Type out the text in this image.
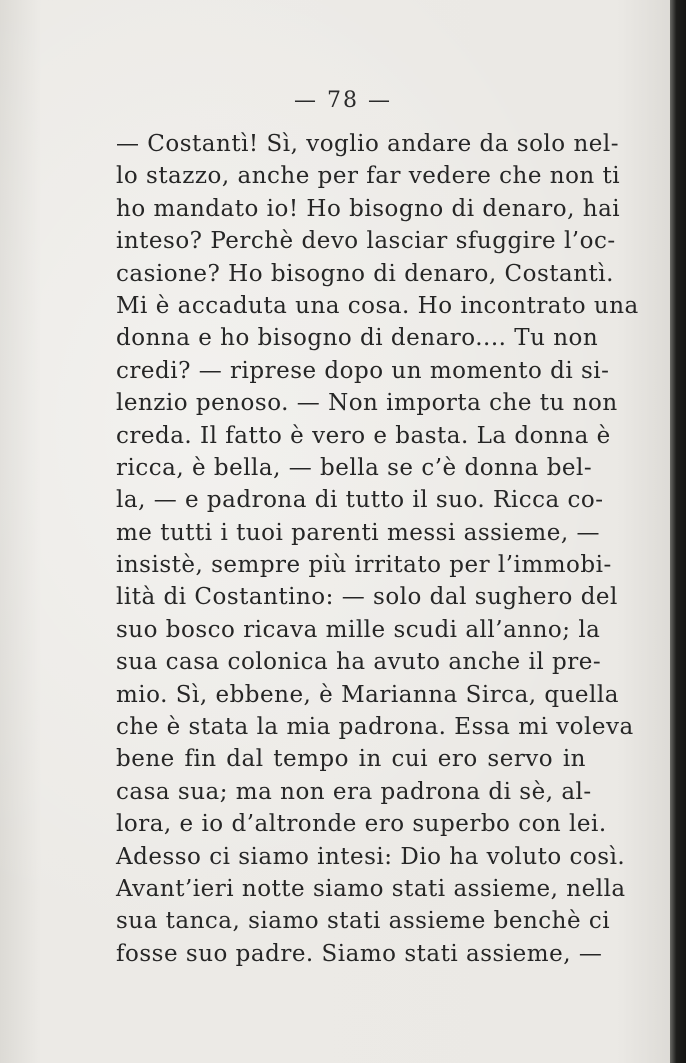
— 78 —
— Costantì! Sì, voglio andare da solo nel-
lo stazzo, anche per far vedere che non ti
ho mandato io! Ho bisogno di denaro, hai
inteso? Perchè devo lasciar sfuggire l’oc-
casione? Ho bisogno di denaro, Costantì.
Mi è accaduta una cosa. Ho incontrato una
donna e ho bisogno di denaro.... Tu non
credi? — riprese dopo un momento di si-
lenzio penoso. — Non importa che tu non
creda. Il fatto è vero e basta. La donna è
ricca, è bella, — bella se c’è donna bel-
la, — e padrona di tutto il suo. Ricca co-
me tutti i tuoi parenti messi assieme, —
insistè, sempre più irritato per l’immobi-
lità di Costantino: — solo dal sughero del
suo bosco ricava mille scudi all’anno; la
sua casa colonica ha avuto anche il pre-
mio. Sì, ebbene, è Marianna Sirca, quella
che è stata la mia padrona. Essa mi voleva
bene fin dal tempo in cui ero servo in
casa sua; ma non era padrona di sè, al-
lora, e io d’altronde ero superbo con lei.
Adesso ci siamo intesi: Dio ha voluto così.
Avant’ieri notte siamo stati assieme, nella
sua tanca, siamo stati assieme benchè ci
fosse suo padre. Siamo stati assieme, —
